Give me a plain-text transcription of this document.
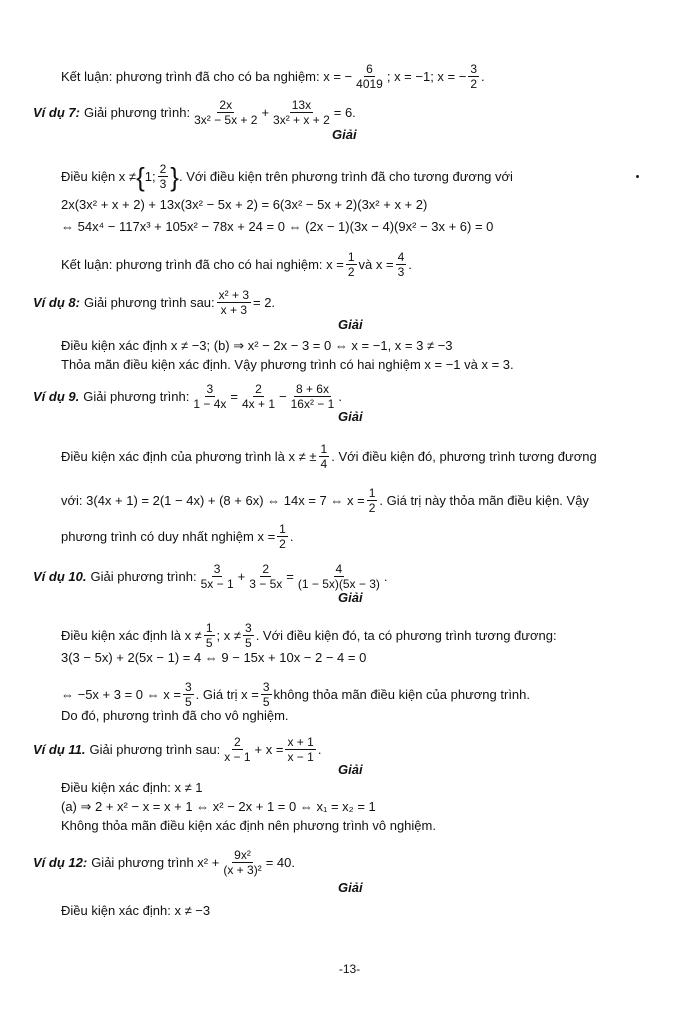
Kết luận: phương trình đã cho có ba nghiệm: x = − $\frac{6}{4019}$ ; x = −1; x = − $\frac{3}{2}$ .
Ví dụ 7: Giải phương trình: $\frac{2x}{\text{3x² − 5x + 2}} + \frac{13x}{\text{3x² + x + 2}} = 6$.
Giải
Điều kiện x ≠ { 1; $\frac{2}{3}$ } . Với điều kiện trên phương trình đã cho tương đương với
2x(3x² + x + 2) + 13x(3x² − 5x + 2) = 6(3x² − 5x + 2)(3x² + x + 2)
⇔ 54x⁴ − 117x³ + 105x² − 78x + 24 = 0 ⇔ (2x − 1)(3x − 4)(9x² − 3x + 6) = 0
Kết luận: phương trình đã cho có hai nghiệm: $x = \frac{1}{2}$ và $x = \frac{4}{3}$ .
Ví dụ 8: Giải phương trình sau: $\frac{\text{x² + 3}}{x + 3} = 2$.
Giải
Điều kiện xác định x ≠ −3; (b) ⇒ x² − 2x − 3 = 0 ⇔ x = −1, x = 3 ≠ −3
Thỏa mãn điều kiện xác định. Vậy phương trình có hai nghiệm x = −1 và x = 3.
Ví dụ 9. Giải phương trình: $\frac{3}{1 - 4x} = \frac{2}{4x + 1} - \frac{8 + 6x}{\text{16x² − 1}}$ .
Giải
Điều kiện xác định của phương trình là x ≠ ± $\frac{1}{4}$ . Với điều kiện đó, phương trình tương đương
với: 3(4x + 1) = 2(1 − 4x) + (8 + 6x) ⇔ 14x = 7 ⇔ $x = \frac{1}{2}$ . Giá trị này thỏa mãn điều kiện. Vậy
phương trình có duy nhất nghiệm $x = \frac{1}{2}$ .
Ví dụ 10. Giải phương trình: $\frac{3}{5x - 1} + \frac{2}{3 - 5x} = \frac{4}{(1 - 5x)(5x - 3)}$ .
Giải
Điều kiện xác định là $x \ne \frac{1}{5}$ ; $x \ne \frac{3}{5}$ . Với điều kiện đó, ta có phương trình tương đương:
3(3 − 5x) + 2(5x − 1) = 4 ⇔ 9 − 15x + 10x − 2 − 4 = 0
⇔ −5x + 3 = 0 ⇔ $x = \frac{3}{5}$ . Giá trị $x = \frac{3}{5}$ không thỏa mãn điều kiện của phương trình.
Do đó, phương trình đã cho vô nghiệm.
Ví dụ 11. Giải phương trình sau: $\frac{2}{x - 1} + x = \frac{x + 1}{x - 1}$ .
Giải
Điều kiện xác định: x ≠ 1
(a) ⇒ 2 + x² − x = x + 1 ⇔ x² − 2x + 1 = 0 ⇔ x₁ = x₂ = 1
Không thỏa mãn điều kiện xác định nên phương trình vô nghiệm.
Ví dụ 12: Giải phương trình $x^2 + \frac{\text{9x²}}{\text{(x + 3)²}} = 40$.
Giải
Điều kiện xác định: x ≠ −3
-13-
